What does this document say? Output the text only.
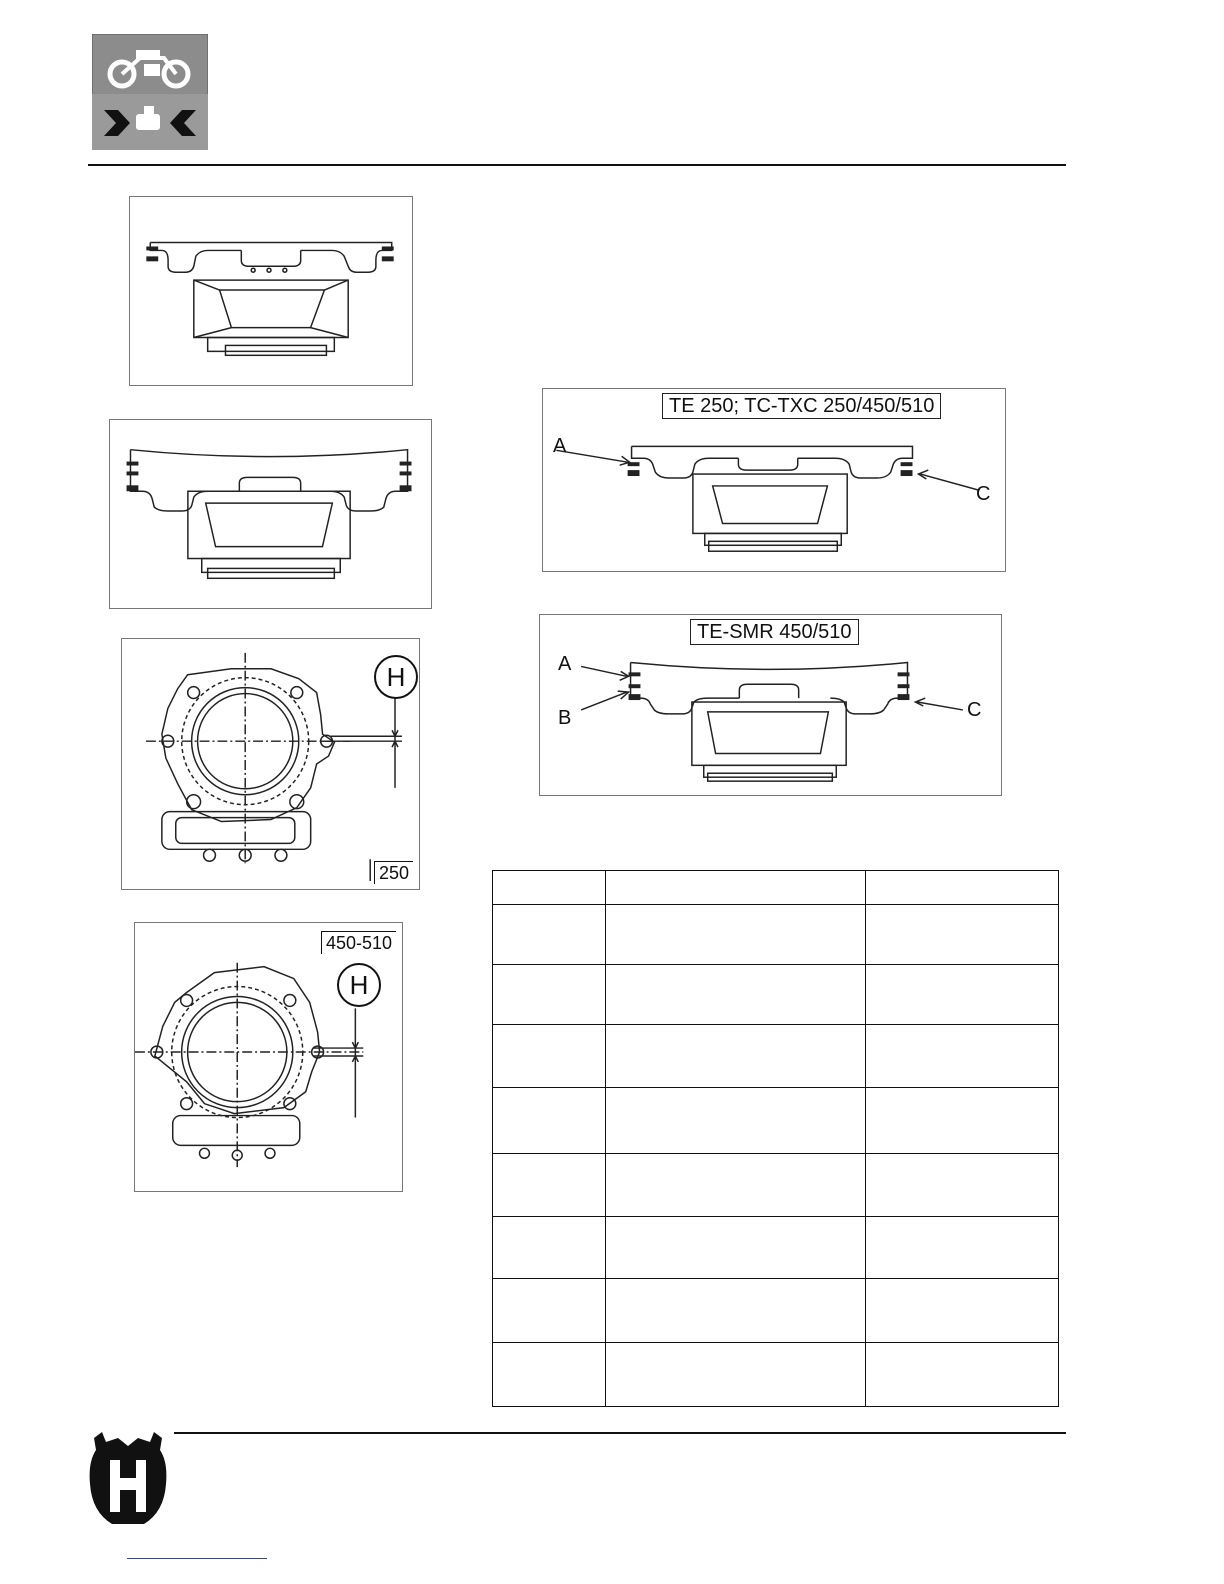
H
250
450-510
H
TE 250; TC-TXC 250/450/510
A
C
TE-SMR 450/510
A
B	C
